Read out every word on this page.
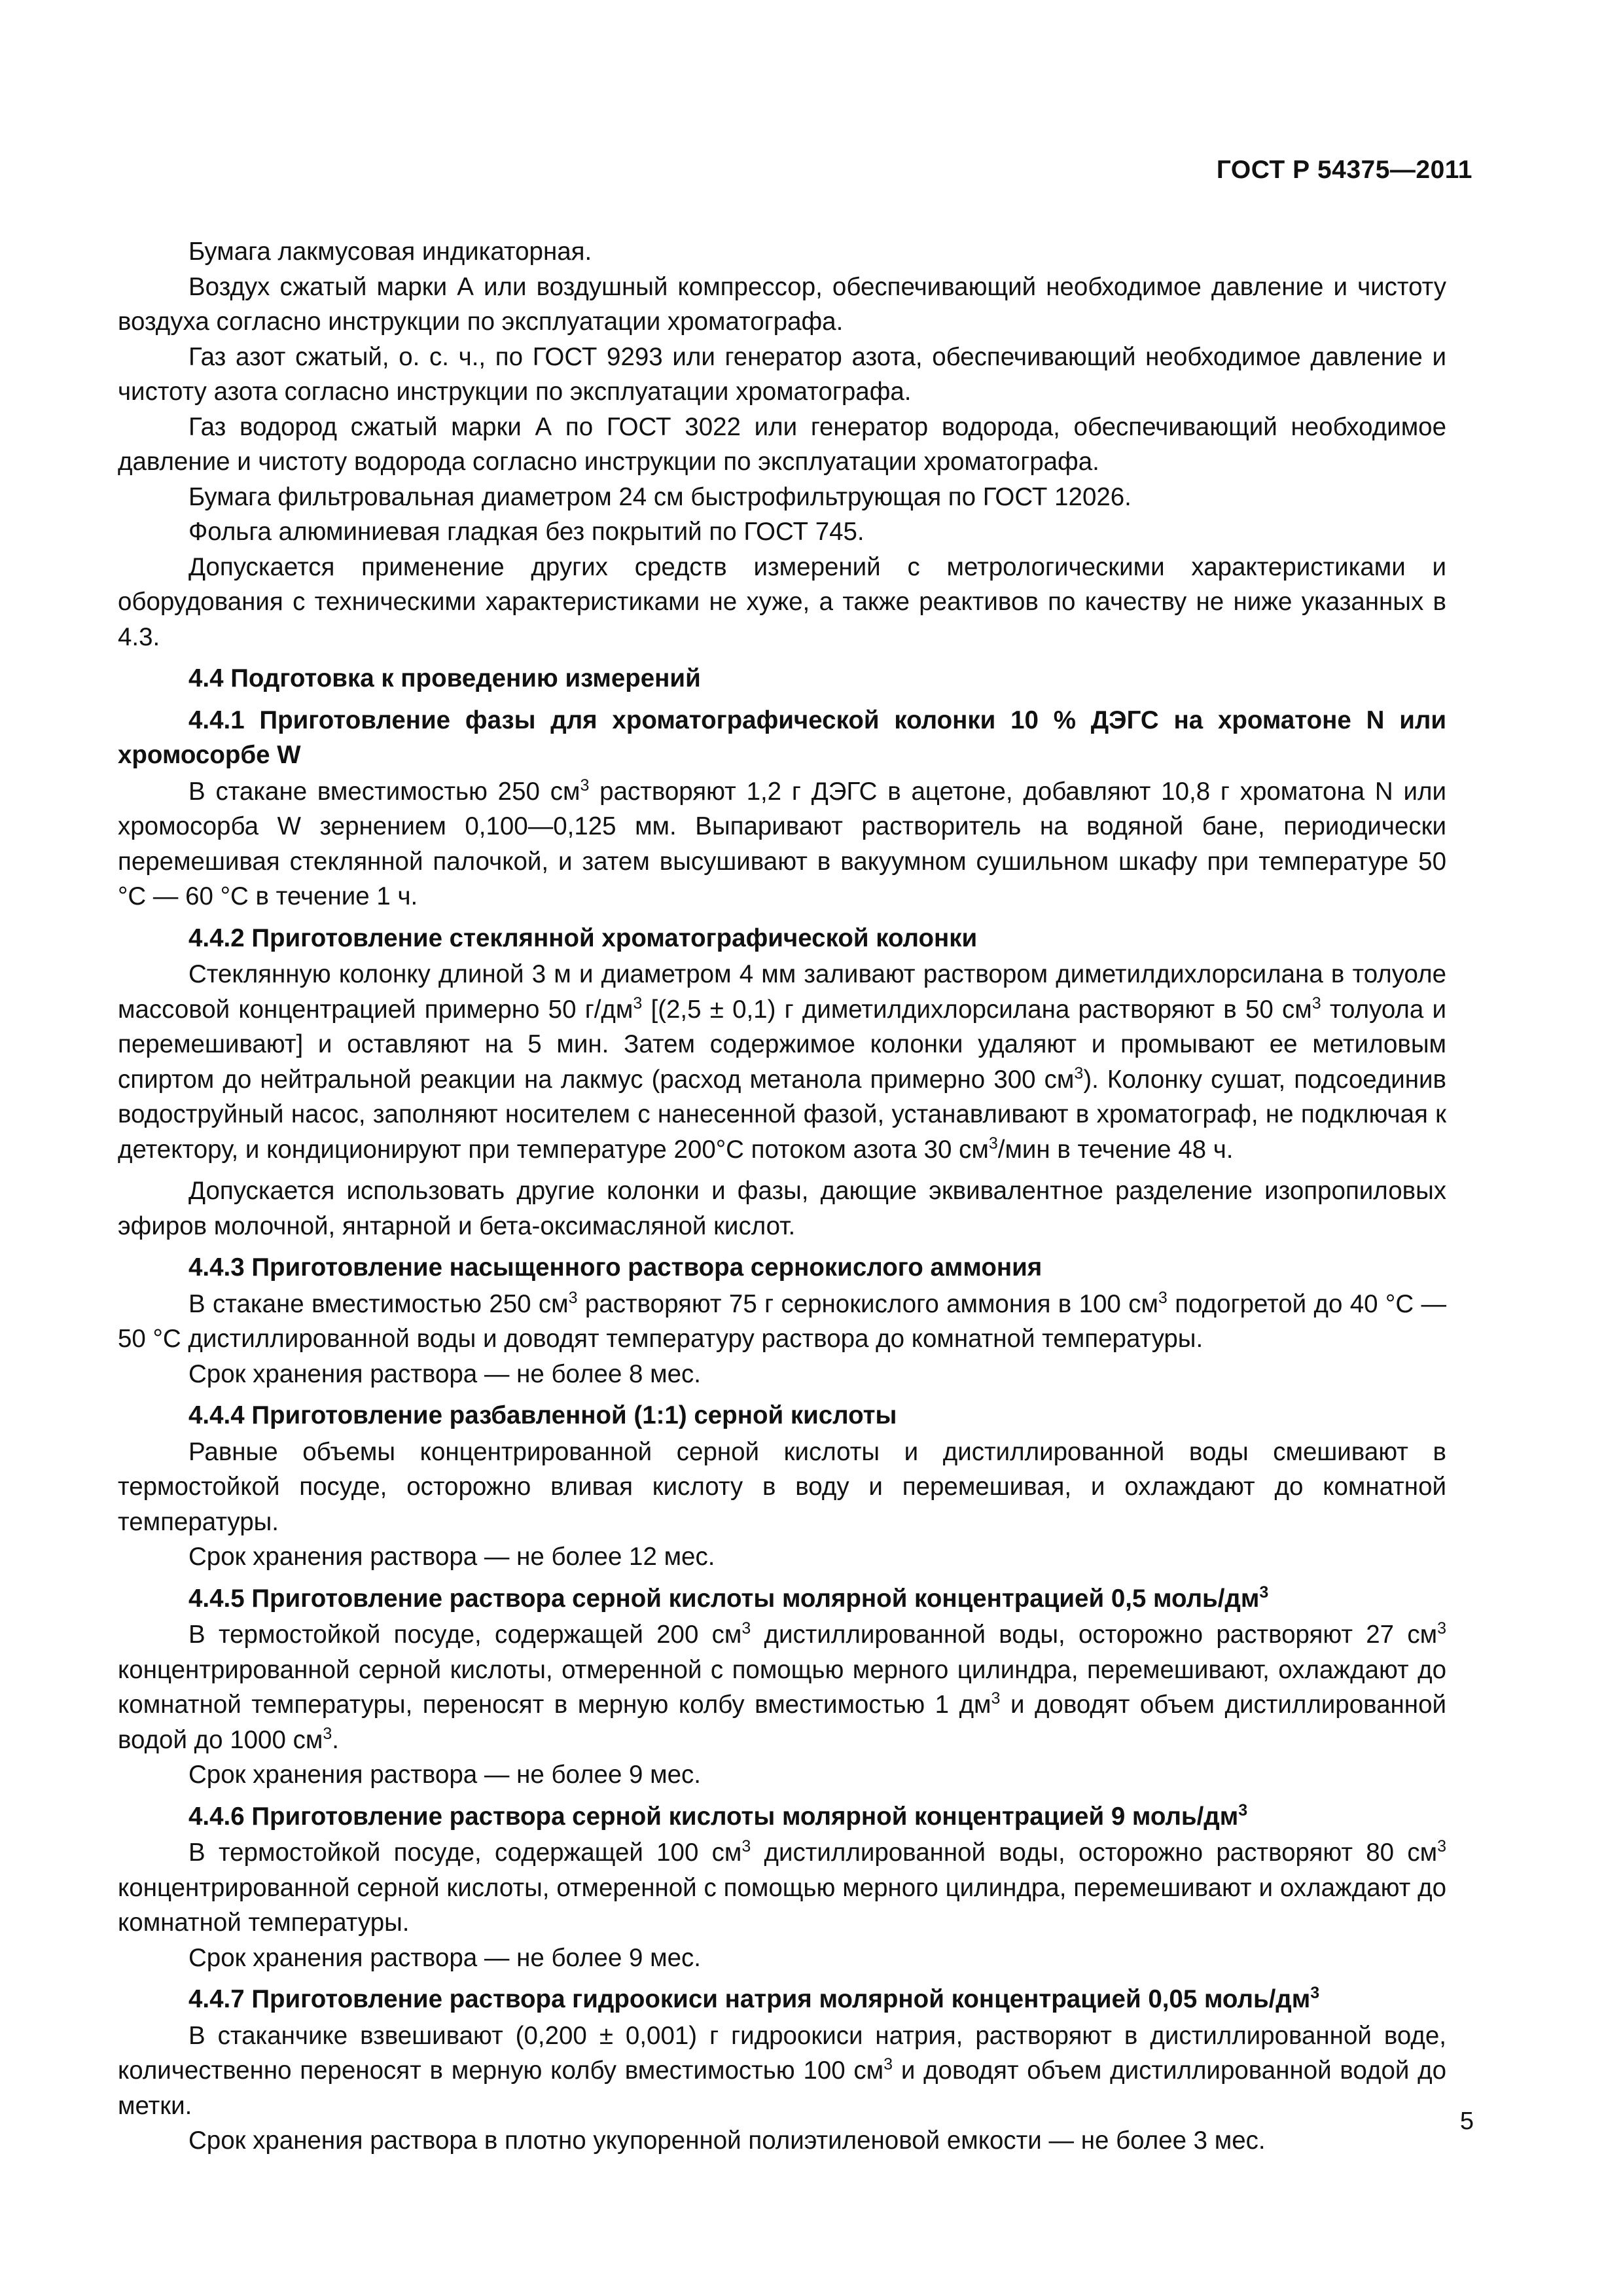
ГОСТ Р 54375—2011

Бумага лакмусовая индикаторная.

Воздух сжатый марки А или воздушный компрессор, обеспечивающий необходимое давление и чистоту воздуха согласно инструкции по эксплуатации хроматографа.

Газ азот сжатый, о. с. ч., по ГОСТ 9293 или генератор азота, обеспечивающий необходимое давление и чистоту азота согласно инструкции по эксплуатации хроматографа.

Газ водород сжатый марки А по ГОСТ 3022 или генератор водорода, обеспечивающий необходимое давление и чистоту водорода согласно инструкции по эксплуатации хроматографа.

Бумага фильтровальная диаметром 24 см быстрофильтрующая по ГОСТ 12026.

Фольга алюминиевая гладкая без покрытий по ГОСТ 745.

Допускается применение других средств измерений с метрологическими характеристиками и оборудования с техническими характеристиками не хуже, а также реактивов по качеству не ниже указанных в 4.3.

4.4 Подготовка к проведению измерений

4.4.1 Приготовление фазы для хроматографической колонки 10 % ДЭГС на хроматоне N или хромосорбе W

В стакане вместимостью 250 $см^3$ растворяют 1,2 г ДЭГС в ацетоне, добавляют 10,8 г хроматона N или хромосорба W зернением 0,100—0,125 мм. Выпаривают растворитель на водяной бане, периодически перемешивая стеклянной палочкой, и затем высушивают в вакуумном сушильном шкафу при температуре 50 °С — 60 °С в течение 1 ч.

4.4.2 Приготовление стеклянной хроматографической колонки

Стеклянную колонку длиной 3 м и диаметром 4 мм заливают раствором диметилдихлорсилана в толуоле массовой концентрацией примерно 50 $г/дм^3$ [(2,5 ± 0,1) г диметилдихлорсилана растворяют в 50 $см^3$ толуола и перемешивают] и оставляют на 5 мин. Затем содержимое колонки удаляют и промывают ее метиловым спиртом до нейтральной реакции на лакмус (расход метанола примерно 300 $см^3$). Колонку сушат, подсоединив водоструйный насос, заполняют носителем с нанесенной фазой, устанавливают в хроматограф, не подключая к детектору, и кондиционируют при температуре 200°С потоком азота 30 $см^3$/мин в течение 48 ч.

Допускается использовать другие колонки и фазы, дающие эквивалентное разделение изопропиловых эфиров молочной, янтарной и бета-оксимасляной кислот.

4.4.3 Приготовление насыщенного раствора сернокислого аммония

В стакане вместимостью 250 $см^3$ растворяют 75 г сернокислого аммония в 100 $см^3$ подогретой до 40 °С — 50 °С дистиллированной воды и доводят температуру раствора до комнатной температуры.

Срок хранения раствора — не более 8 мес.

4.4.4 Приготовление разбавленной (1:1) серной кислоты

Равные объемы концентрированной серной кислоты и дистиллированной воды смешивают в термостойкой посуде, осторожно вливая кислоту в воду и перемешивая, и охлаждают до комнатной температуры.

Срок хранения раствора — не более 12 мес.

4.4.5 Приготовление раствора серной кислоты молярной концентрацией 0,5 моль/$дм^3$

В термостойкой посуде, содержащей 200 $см^3$ дистиллированной воды, осторожно растворяют 27 $см^3$ концентрированной серной кислоты, отмеренной с помощью мерного цилиндра, перемешивают, охлаждают до комнатной температуры, переносят в мерную колбу вместимостью 1 $дм^3$ и доводят объем дистиллированной водой до 1000 $см^3$.

Срок хранения раствора — не более 9 мес.

4.4.6 Приготовление раствора серной кислоты молярной концентрацией 9 моль/$дм^3$

В термостойкой посуде, содержащей 100 $см^3$ дистиллированной воды, осторожно растворяют 80 $см^3$ концентрированной серной кислоты, отмеренной с помощью мерного цилиндра, перемешивают и охлаждают до комнатной температуры.

Срок хранения раствора — не более 9 мес.

4.4.7 Приготовление раствора гидроокиси натрия молярной концентрацией 0,05 моль/$дм^3$

В стаканчике взвешивают (0,200 ± 0,001) г гидроокиси натрия, растворяют в дистиллированной воде, количественно переносят в мерную колбу вместимостью 100 $см^3$ и доводят объем дистиллированной водой до метки.

Срок хранения раствора в плотно укупоренной полиэтиленовой емкости — не более 3 мес.

5
